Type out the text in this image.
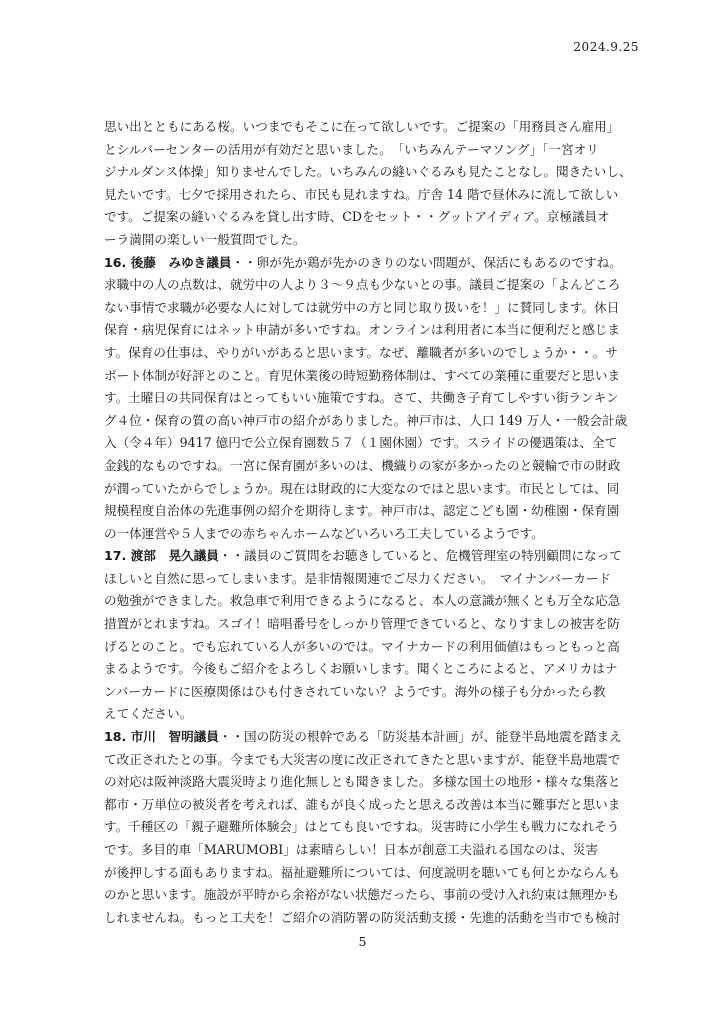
2024.9.25

思い出とともにある桜。いつまでもそこに在って欲しいです。ご提案の「用務員さん雇用」

とシルバーセンターの活用が有効だと思いました。　「いちみんテーマソング」「一宮オリ

ジナルダンス体操」知りませんでした。いちみんの縫いぐるみも見たことなし。聞きたいし、

見たいです。七夕で採用されたら、市民も見れますね。庁舎 14 階で昼休みに流して欲しい

です。ご提案の縫いぐるみを貸し出す時、CDをセット・・グットアイディア。京極議員オ

ーラ満開の楽しい一般質問でした。

16. 後藤　みゆき議員・・卵が先か鶏が先かのきりのない問題が、保活にもあるのですね。

求職中の人の点数は、就労中の人より３～９点も少ないとの事。議員ご提案の「よんどころ

ない事情で求職が必要な人に対しては就労中の方と同じ取り扱いを！」に賛同します。休日

保育・病児保育にはネット申請が多いですね。オンラインは利用者に本当に便利だと感じま

す。保育の仕事は、やりがいがあると思います。なぜ、離職者が多いのでしょうか・・。サ

ポート体制が好評とのこと。育児休業後の時短勤務体制は、すべての業種に重要だと思いま

す。土曜日の共同保育はとってもいい施策ですね。さて、共働き子育てしやすい街ランキン

グ４位・保育の質の高い神戸市の紹介がありました。神戸市は、人口 149 万人・一般会計歳

入（令４年）9417 億円で公立保育園数５７（１園休園）です。スライドの優遇策は、全て

金銭的なものですね。一宮に保育園が多いのは、機織りの家が多かったのと競輪で市の財政

が潤っていたからでしょうか。現在は財政的に大変なのではと思います。市民としては、同

規模程度自治体の先進事例の紹介を期待します。神戸市は、認定こども園・幼稚園・保育園

の一体運営や５人までの赤ちゃんホームなどいろいろ工夫しているようです。

17. 渡部　晃久議員・・議員のご質問をお聴きしていると、危機管理室の特別顧問になって

ほしいと自然に思ってしまいます。是非情報関連でご尽力ください。　マイナンバーカード

の勉強ができました。救急車で利用できるようになると、本人の意識が無くとも万全な応急

措置がとれますね。スゴイ！暗唱番号をしっかり管理できていると、なりすましの被害を防

げるとのこと。でも忘れている人が多いのでは。マイナカードの利用価値はもっともっと高

まるようです。今後もご紹介をよろしくお願いします。聞くところによると、アメリカはナ

ンバーカードに医療関係はひも付きされていない？ようです。海外の様子も分かったら教

えてください。

18. 市川　智明議員・・国の防災の根幹である「防災基本計画」が、能登半島地震を踏まえ

て改正されたとの事。今までも大災害の度に改正されてきたと思いますが、能登半島地震で

の対応は阪神淡路大震災時より進化無しとも聞きました。多様な国土の地形・様々な集落と

都市・万単位の被災者を考えれば、誰もが良く成ったと思える改善は本当に難事だと思いま

す。千種区の「親子避難所体験会」はとても良いですね。災害時に小学生も戦力になれそう

です。多目的車「MARUMOBI」は素晴らしい！日本が創意工夫溢れる国なのは、災害

が後押しする面もありますね。福祉避難所については、何度説明を聴いても何とかならんも

のかと思います。施設が平時から余裕がない状態だったら、事前の受け入れ約束は無理かも

しれませんね。もっと工夫を！ご紹介の消防署の防災活動支援・先進的活動を当市でも検討

5
